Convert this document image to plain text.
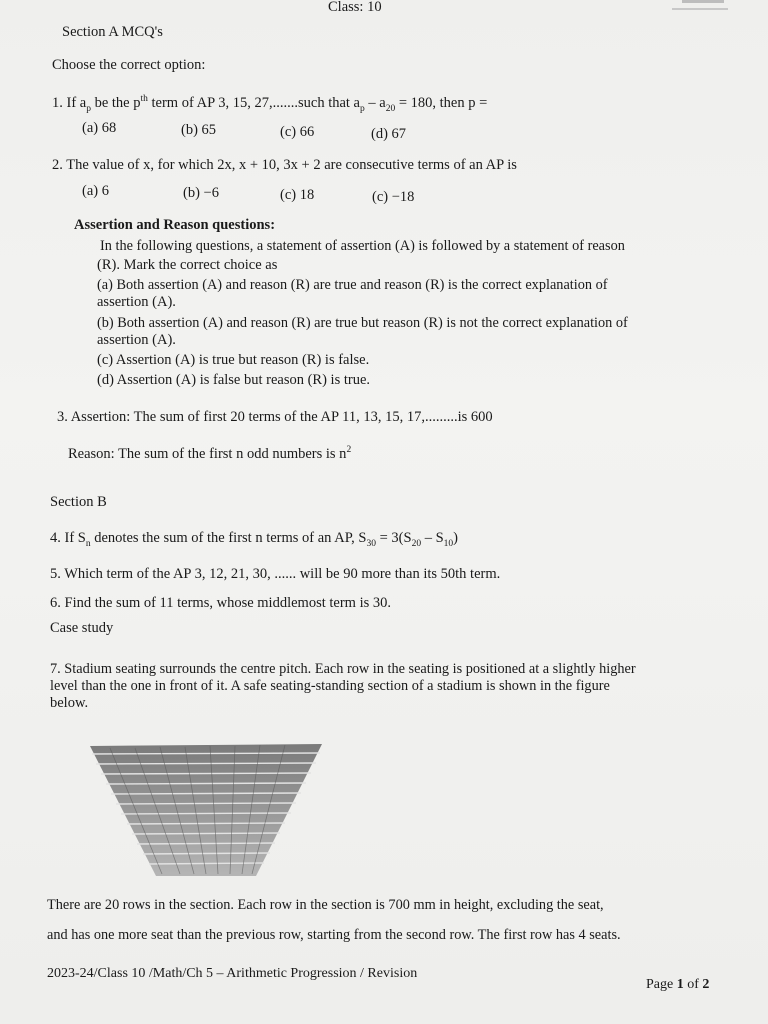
Class: 10
Section A MCQ's
Choose the correct option:
1. If $a_p$ be the $p^{th}$ term of AP 3, 15, 27,.......such that $a_p - a_{20} = 180$, then p =
(a) 68	(b) 65	(c) 66	(d) 67
2. The value of x, for which 2x, x + 10, 3x + 2 are consecutive terms of an AP is
(a) 6	(b) −6	(c) 18	(c) −18
Assertion and Reason questions:
In the following questions, a statement of assertion (A) is followed by a statement of reason
(R). Mark the correct choice as
(a) Both assertion (A) and reason (R) are true and reason (R) is the correct explanation of
assertion (A).
(b) Both assertion (A) and reason (R) are true but reason (R) is not the correct explanation of
assertion (A).
(c) Assertion (A) is true but reason (R) is false.
(d) Assertion (A) is false but reason (R) is true.
3. Assertion: The sum of first 20 terms of the AP 11, 13, 15, 17,.........is 600
Reason: The sum of the first n odd numbers is $n^2$
Section B
4. If $S_n$ denotes the sum of the first n terms of an AP, $S_{30} = 3(S_{20} - S_{10})$
5. Which term of the AP 3, 12, 21, 30, ...... will be 90 more than its 50th term.
6. Find the sum of 11 terms, whose middlemost term is 30.
Case study
7. Stadium seating surrounds the centre pitch. Each row in the seating is positioned at a slightly higher
level than the one in front of it. A safe seating-standing section of a stadium is shown in the figure
below.
There are 20 rows in the section. Each row in the section is 700 mm in height, excluding the seat,
and has one more seat than the previous row, starting from the second row. The first row has 4 seats.
2023-24/Class 10 /Math/Ch 5 – Arithmetic Progression / Revision
Page 1 of 2
